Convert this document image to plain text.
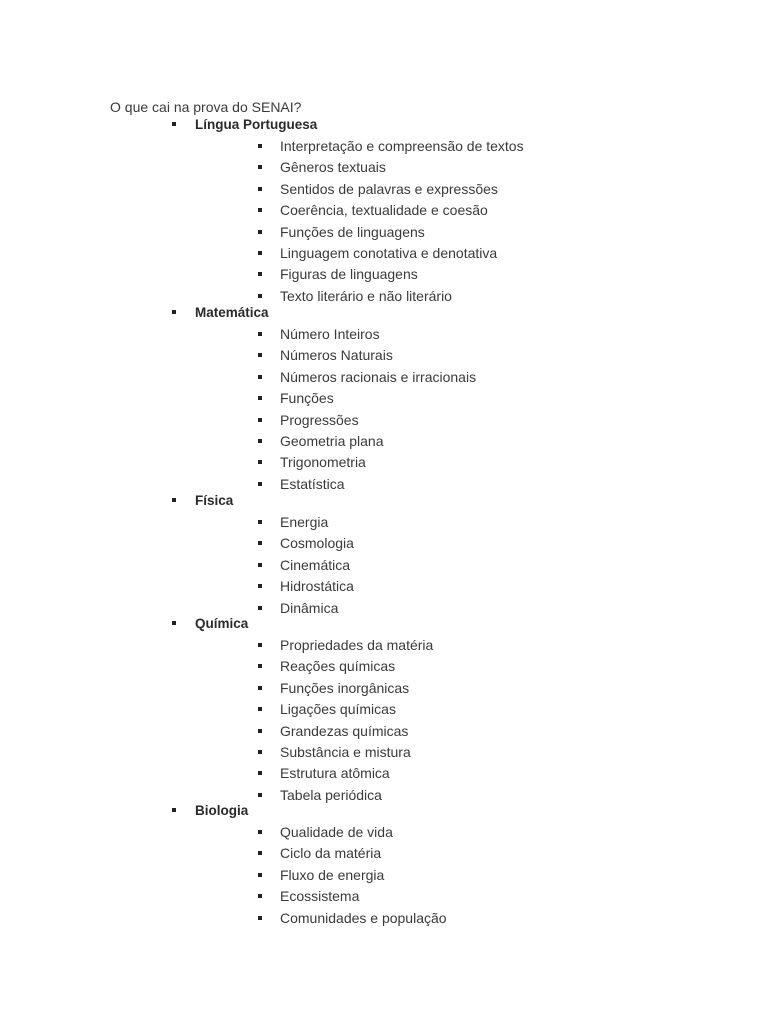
O que cai na prova do SENAI?
Língua Portuguesa
Interpretação e compreensão de textos
Gêneros textuais
Sentidos de palavras e expressões
Coerência, textualidade e coesão
Funções de linguagens
Linguagem conotativa e denotativa
Figuras de linguagens
Texto literário e não literário
Matemática
Número Inteiros
Números Naturais
Números racionais e irracionais
Funções
Progressões
Geometria plana
Trigonometria
Estatística
Física
Energia
Cosmologia
Cinemática
Hidrostática
Dinâmica
Química
Propriedades da matéria
Reações químicas
Funções inorgânicas
Ligações químicas
Grandezas químicas
Substância e mistura
Estrutura atômica
Tabela periódica
Biologia
Qualidade de vida
Ciclo da matéria
Fluxo de energia
Ecossistema
Comunidades e população
